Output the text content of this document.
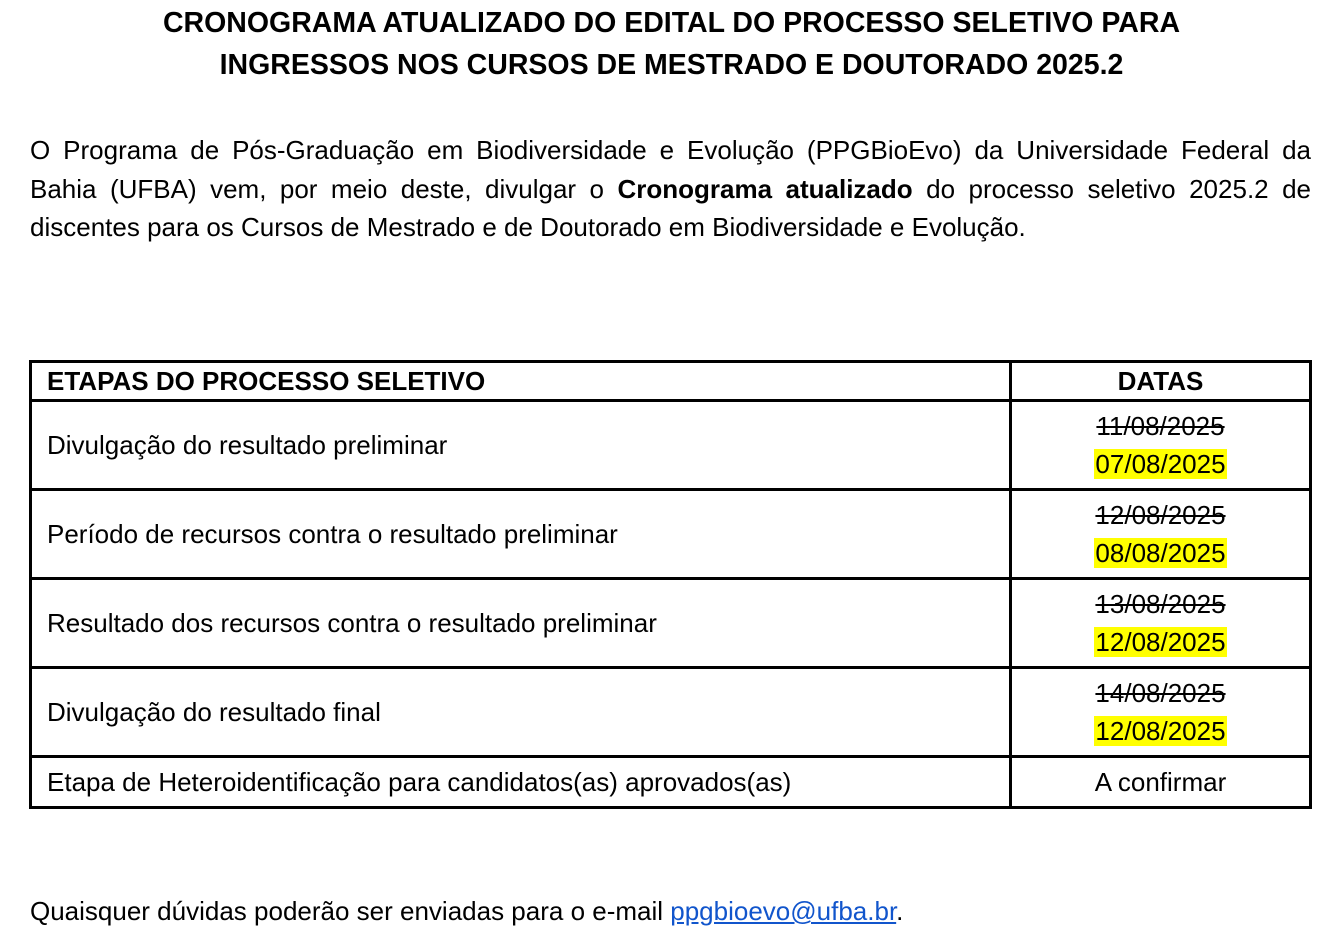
CRONOGRAMA ATUALIZADO DO EDITAL DO PROCESSO SELETIVO PARA
INGRESSOS NOS CURSOS DE MESTRADO E DOUTORADO 2025.2

O Programa de Pós-Graduação em Biodiversidade e Evolução (PPGBioEvo) da Universidade Federal da Bahia (UFBA) vem, por meio deste, divulgar o Cronograma atualizado do processo seletivo 2025.2 de discentes para os Cursos de Mestrado e de Doutorado em Biodiversidade e Evolução.

ETAPAS DO PROCESSO SELETIVO	DATAS
Divulgação do resultado preliminar	11/08/2025
07/08/2025
Período de recursos contra o resultado preliminar	12/08/2025
08/08/2025
Resultado dos recursos contra o resultado preliminar	13/08/2025
12/08/2025
Divulgação do resultado final	14/08/2025
12/08/2025
Etapa de Heteroidentificação para candidatos(as) aprovados(as)	A confirmar
Quaisquer dúvidas poderão ser enviadas para o e-mail ppgbioevo@ufba.br.
